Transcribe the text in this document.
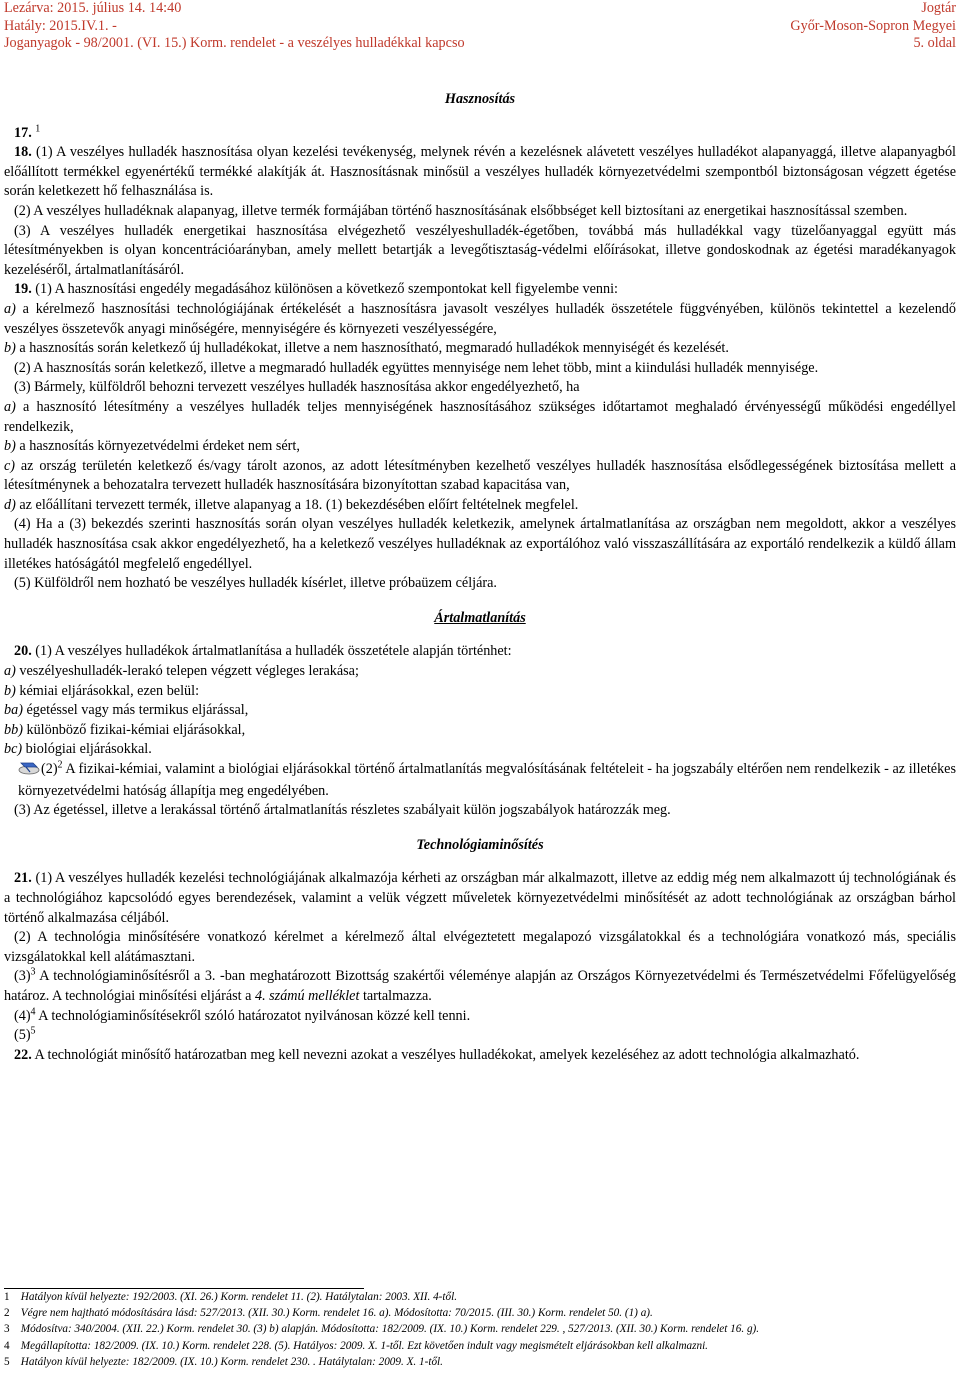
Lezárva: 2015. július 14. 14:40
Hatály: 2015.IV.1. -
Joganyagok - 98/2001. (VI. 15.) Korm. rendelet - a veszélyes hulladékkal kapcso
Jogtár
Győr-Moson-Sopron Megyei
5. oldal

Hasznosítás

17. $^1$

18. (1) A veszélyes hulladék hasznosítása olyan kezelési tevékenység, melynek révén a kezelésnek alávetett veszélyes hulladékot alapanyaggá, illetve alapanyagból előállított termékkel egyenértékű termékké alakítják át. Hasznosításnak minősül a veszélyes hulladék környezetvédelmi szempontból biztonságosan végzett égetése során keletkezett hő felhasználása is.

(2) A veszélyes hulladéknak alapanyag, illetve termék formájában történő hasznosításának elsőbbséget kell biztosítani az energetikai hasznosítással szemben.

(3) A veszélyes hulladék energetikai hasznosítása elvégezhető veszélyeshulladék-égetőben, továbbá más hulladékkal vagy tüzelőanyaggal együtt más létesítményekben is olyan koncentrációarányban, amely mellett betartják a levegőtisztaság-védelmi előírásokat, illetve gondoskodnak az égetési maradékanyagok kezeléséről, ártalmatlanításáról.

19. (1) A hasznosítási engedély megadásához különösen a következő szempontokat kell figyelembe venni:

a) a kérelmező hasznosítási technológiájának értékelését a hasznosításra javasolt veszélyes hulladék összetétele függvényében, különös tekintettel a kezelendő veszélyes összetevők anyagi minőségére, mennyiségére és környezeti veszélyességére,

b) a hasznosítás során keletkező új hulladékokat, illetve a nem hasznosítható, megmaradó hulladékok mennyiségét és kezelését.

(2) A hasznosítás során keletkező, illetve a megmaradó hulladék együttes mennyisége nem lehet több, mint a kiindulási hulladék mennyisége.

(3) Bármely, külföldről behozni tervezett veszélyes hulladék hasznosítása akkor engedélyezhető, ha

a) a hasznosító létesítmény a veszélyes hulladék teljes mennyiségének hasznosításához szükséges időtartamot meghaladó érvényességű működési engedéllyel rendelkezik,

b) a hasznosítás környezetvédelmi érdeket nem sért,

c) az ország területén keletkező és/vagy tárolt azonos, az adott létesítményben kezelhető veszélyes hulladék hasznosítása elsődlegességének biztosítása mellett a létesítménynek a behozatalra tervezett hulladék hasznosítására bizonyítottan szabad kapacitása van,

d) az előállítani tervezett termék, illetve alapanyag a 18. (1) bekezdésében előírt feltételnek megfelel.

(4) Ha a (3) bekezdés szerinti hasznosítás során olyan veszélyes hulladék keletkezik, amelynek ártalmatlanítása az országban nem megoldott, akkor a veszélyes hulladék hasznosítása csak akkor engedélyezhető, ha a keletkező veszélyes hulladéknak az exportálóhoz való visszaszállítására az exportáló rendelkezik a küldő állam illetékes hatóságától megfelelő engedéllyel.

(5) Külföldről nem hozható be veszélyes hulladék kísérlet, illetve próbaüzem céljára.

Ártalmatlanítás

20. (1) A veszélyes hulladékok ártalmatlanítása a hulladék összetétele alapján történhet:

a) veszélyeshulladék-lerakó telepen végzett végleges lerakása;

b) kémiai eljárásokkal, ezen belül:

ba) égetéssel vagy más termikus eljárással,

bb) különböző fizikai-kémiai eljárásokkal,

bc) biológiai eljárásokkal.

$(2)^2$ A fizikai-kémiai, valamint a biológiai eljárásokkal történő ártalmatlanítás megvalósításának feltételeit - ha jogszabály eltérően nem rendelkezik - az illetékes környezetvédelmi hatóság állapítja meg engedélyében.

(3) Az égetéssel, illetve a lerakással történő ártalmatlanítás részletes szabályait külön jogszabályok határozzák meg.

Technológiaminősítés

21. (1) A veszélyes hulladék kezelési technológiájának alkalmazója kérheti az országban már alkalmazott, illetve az eddig még nem alkalmazott új technológiának és a technológiához kapcsolódó egyes berendezések, valamint a velük végzett műveletek környezetvédelmi minősítését az adott technológiának az országban bárhol történő alkalmazása céljából.

(2) A technológia minősítésére vonatkozó kérelmet a kérelmező által elvégeztetett megalapozó vizsgálatokkal és a technológiára vonatkozó más, speciális vizsgálatokkal kell alátámasztani.

$(3)^3$ A technológiaminősítésről a 3. -ban meghatározott Bizottság szakértői véleménye alapján az Országos Környezetvédelmi és Természetvédelmi Főfelügyelőség határoz. A technológiai minősítési eljárást a 4. számú melléklet tartalmazza.

$(4)^4$ A technológiaminősítésekről szóló határozatot nyilvánosan közzé kell tenni.

$(5)^5$

22. A technológiát minősítő határozatban meg kell nevezni azokat a veszélyes hulladékokat, amelyek kezeléséhez az adott technológia alkalmazható.

1 Hatályon kívül helyezte: 192/2003. (XI. 26.) Korm. rendelet 11. (2). Hatálytalan: 2003. XII. 4-től.
2 Végre nem hajtható módosítására lásd: 527/2013. (XII. 30.) Korm. rendelet 16. a). Módosította: 70/2015. (III. 30.) Korm. rendelet 50. (1) a).
3 Módosítva: 340/2004. (XII. 22.) Korm. rendelet 30. (3) b) alapján. Módosította: 182/2009. (IX. 10.) Korm. rendelet 229. , 527/2013. (XII. 30.) Korm. rendelet 16. g).
4 Megállapította: 182/2009. (IX. 10.) Korm. rendelet 228. (5). Hatályos: 2009. X. 1-től. Ezt követően indult vagy megismételt eljárásokban kell alkalmazni.
5 Hatályon kívül helyezte: 182/2009. (IX. 10.) Korm. rendelet 230. . Hatálytalan: 2009. X. 1-től.
